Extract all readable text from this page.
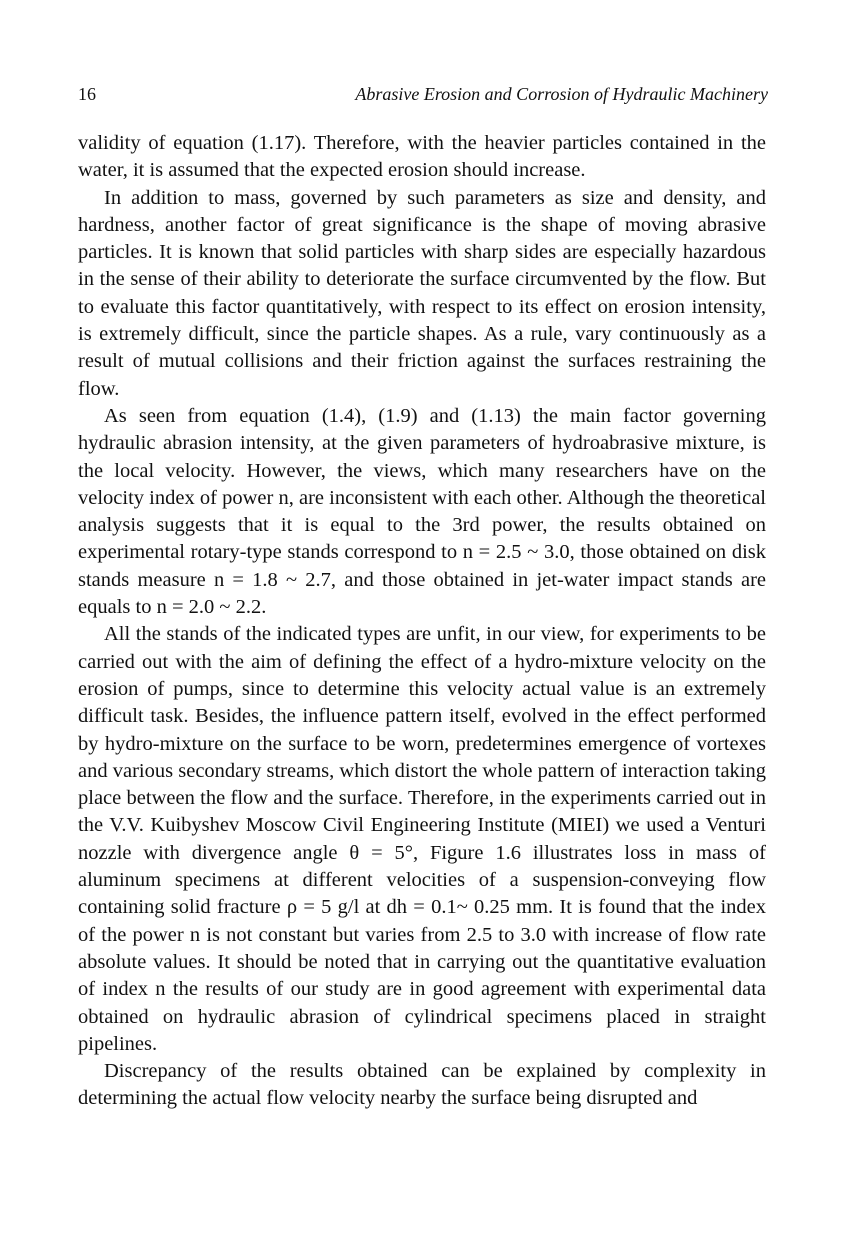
16	Abrasive Erosion and Corrosion of Hydraulic Machinery

validity of equation (1.17). Therefore, with the heavier particles contained in the water, it is assumed that the expected erosion should increase.

In addition to mass, governed by such parameters as size and density, and hardness, another factor of great significance is the shape of moving abrasive particles. It is known that solid particles with sharp sides are especially hazardous in the sense of their ability to deteriorate the surface circumvented by the flow. But to evaluate this factor quantitatively, with respect to its effect on erosion intensity, is extremely difficult, since the particle shapes. As a rule, vary continuously as a result of mutual collisions and their friction against the surfaces restraining the flow.

As seen from equation (1.4), (1.9) and (1.13) the main factor governing hydraulic abrasion intensity, at the given parameters of hydroabrasive mixture, is the local velocity. However, the views, which many researchers have on the velocity index of power n, are inconsistent with each other. Although the theoretical analysis suggests that it is equal to the 3rd power, the results obtained on experimental rotary-type stands correspond to n = 2.5 ~ 3.0, those obtained on disk stands measure n = 1.8 ~ 2.7, and those obtained in jet-water impact stands are equals to n = 2.0 ~ 2.2.

All the stands of the indicated types are unfit, in our view, for experiments to be carried out with the aim of defining the effect of a hydro-mixture velocity on the erosion of pumps, since to determine this velocity actual value is an extremely difficult task. Besides, the influence pattern itself, evolved in the effect performed by hydro-mixture on the surface to be worn, predetermines emergence of vortexes and various secondary streams, which distort the whole pattern of interaction taking place between the flow and the surface. Therefore, in the experiments carried out in the V.V. Kuibyshev Moscow Civil Engineering Institute (MIEI) we used a Venturi nozzle with divergence angle θ = 5°, Figure 1.6 illustrates loss in mass of aluminum specimens at different velocities of a suspension-conveying flow containing solid fracture ρ = 5 g/l at dh = 0.1~ 0.25 mm. It is found that the index of the power n is not constant but varies from 2.5 to 3.0 with increase of flow rate absolute values. It should be noted that in carrying out the quantitative evaluation of index n the results of our study are in good agreement with experimental data obtained on hydraulic abrasion of cylindrical specimens placed in straight pipelines.

Discrepancy of the results obtained can be explained by complexity in determining the actual flow velocity nearby the surface being disrupted and
